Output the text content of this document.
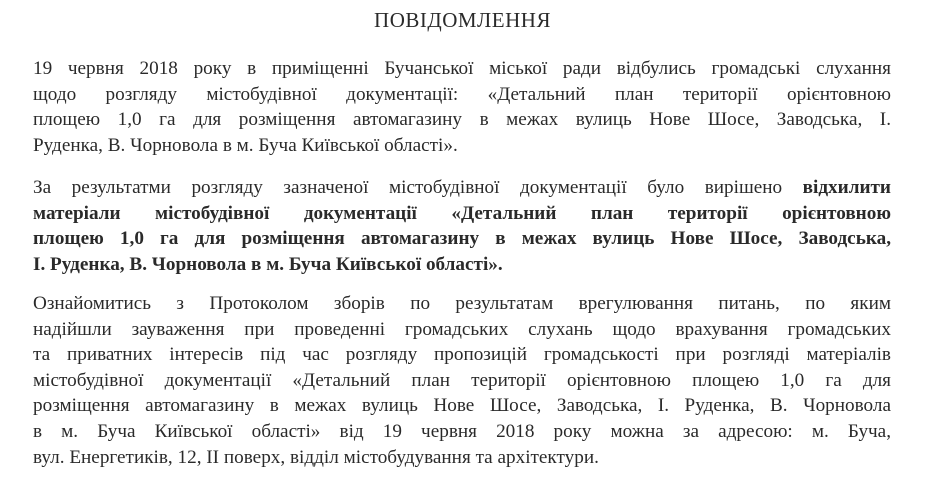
ПОВІДОМЛЕННЯ
19 червня 2018 року в приміщенні Бучанської міської ради відбулись громадські слухання
щодо розгляду містобудівної документації: «Детальний план території орієнтовною
площею 1,0 га для розміщення автомагазину в межах вулиць Нове Шосе, Заводська, І.
Руденка, В. Чорновола в м. Буча Київської області».
За результатми розгляду зазначеної містобудівної документації було вирішено відхилити
матеріали містобудівної документації «Детальний план території орієнтовною
площею 1,0 га для розміщення автомагазину в межах вулиць Нове Шосе, Заводська,
І. Руденка, В. Чорновола в м. Буча Київської області».
Ознайомитись з Протоколом зборів по результатам врегулювання питань, по яким
надійшли зауваження при проведенні громадських слухань щодо врахування громадських
та приватних інтересів під час розгляду пропозицій громадськості при розгляді матеріалів
містобудівної документації «Детальний план території орієнтовною площею 1,0 га для
розміщення автомагазину в межах вулиць Нове Шосе, Заводська, І. Руденка, В. Чорновола
в м. Буча Київської області» від 19 червня 2018 року можна за адресою: м. Буча,
вул. Енергетиків, 12, ІІ поверх, відділ містобудування та архітектури.
